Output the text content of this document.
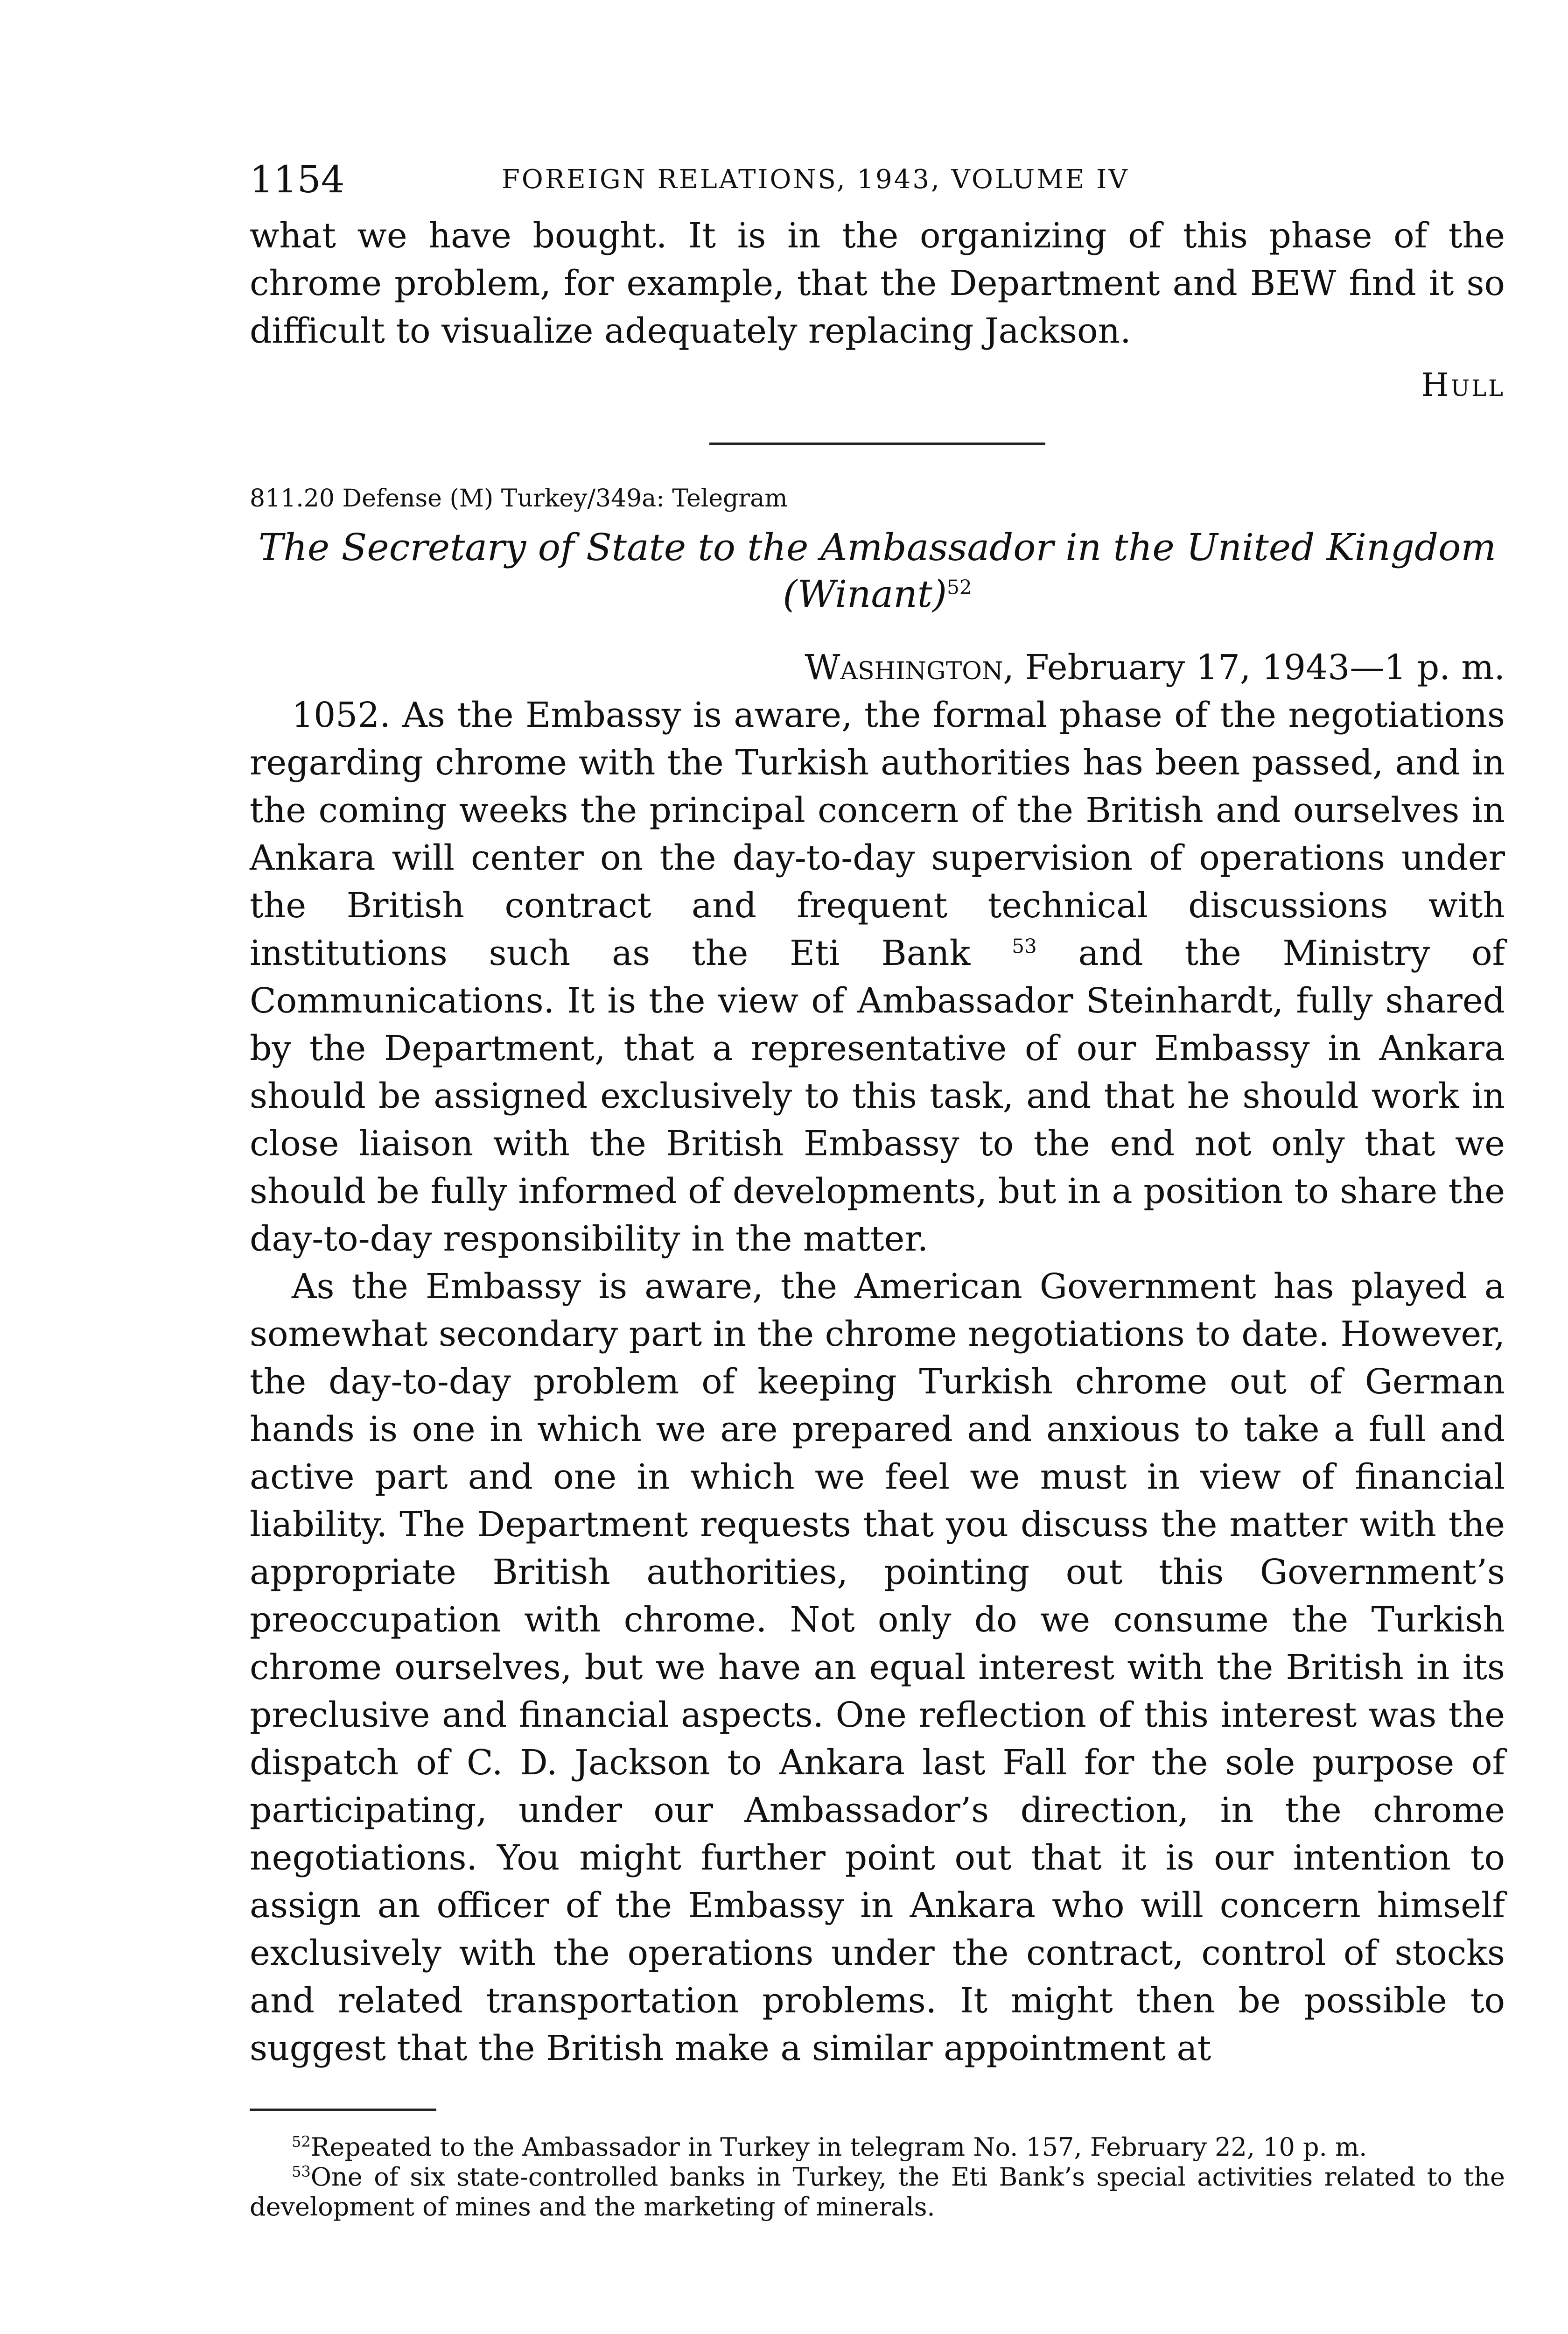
1154	FOREIGN RELATIONS, 1943, VOLUME IV

what we have bought. It is in the organizing of this phase of the chrome problem, for example, that the Department and BEW find it so difficult to visualize adequately replacing Jackson.

Hull

811.20 Defense (M) Turkey/349a: Telegram

The Secretary of State to the Ambassador in the United Kingdom
(Winant)$^{52}$

Washington, February 17, 1943—1 p. m.

1052. As the Embassy is aware, the formal phase of the negotiations regarding chrome with the Turkish authorities has been passed, and in the coming weeks the principal concern of the British and ourselves in Ankara will center on the day-to-day supervision of operations under the British contract and frequent technical discussions with institutions such as the Eti Bank $^{53}$ and the Ministry of Communications. It is the view of Ambassador Steinhardt, fully shared by the Department, that a representative of our Embassy in Ankara should be assigned exclusively to this task, and that he should work in close liaison with the British Embassy to the end not only that we should be fully informed of developments, but in a position to share the day-to-day responsibility in the matter.

As the Embassy is aware, the American Government has played a somewhat secondary part in the chrome negotiations to date. However, the day-to-day problem of keeping Turkish chrome out of German hands is one in which we are prepared and anxious to take a full and active part and one in which we feel we must in view of financial liability. The Department requests that you discuss the matter with the appropriate British authorities, pointing out this Government’s preoccupation with chrome. Not only do we consume the Turkish chrome ourselves, but we have an equal interest with the British in its preclusive and financial aspects. One reflection of this interest was the dispatch of C. D. Jackson to Ankara last Fall for the sole purpose of participating, under our Ambassador’s direction, in the chrome negotiations. You might further point out that it is our intention to assign an officer of the Embassy in Ankara who will concern himself exclusively with the operations under the contract, control of stocks and related transportation problems. It might then be possible to suggest that the British make a similar appointment at

$^{52}$Repeated to the Ambassador in Turkey in telegram No. 157, February 22, 10 p. m.

$^{53}$One of six state-controlled banks in Turkey, the Eti Bank’s special activities related to the development of mines and the marketing of minerals.
